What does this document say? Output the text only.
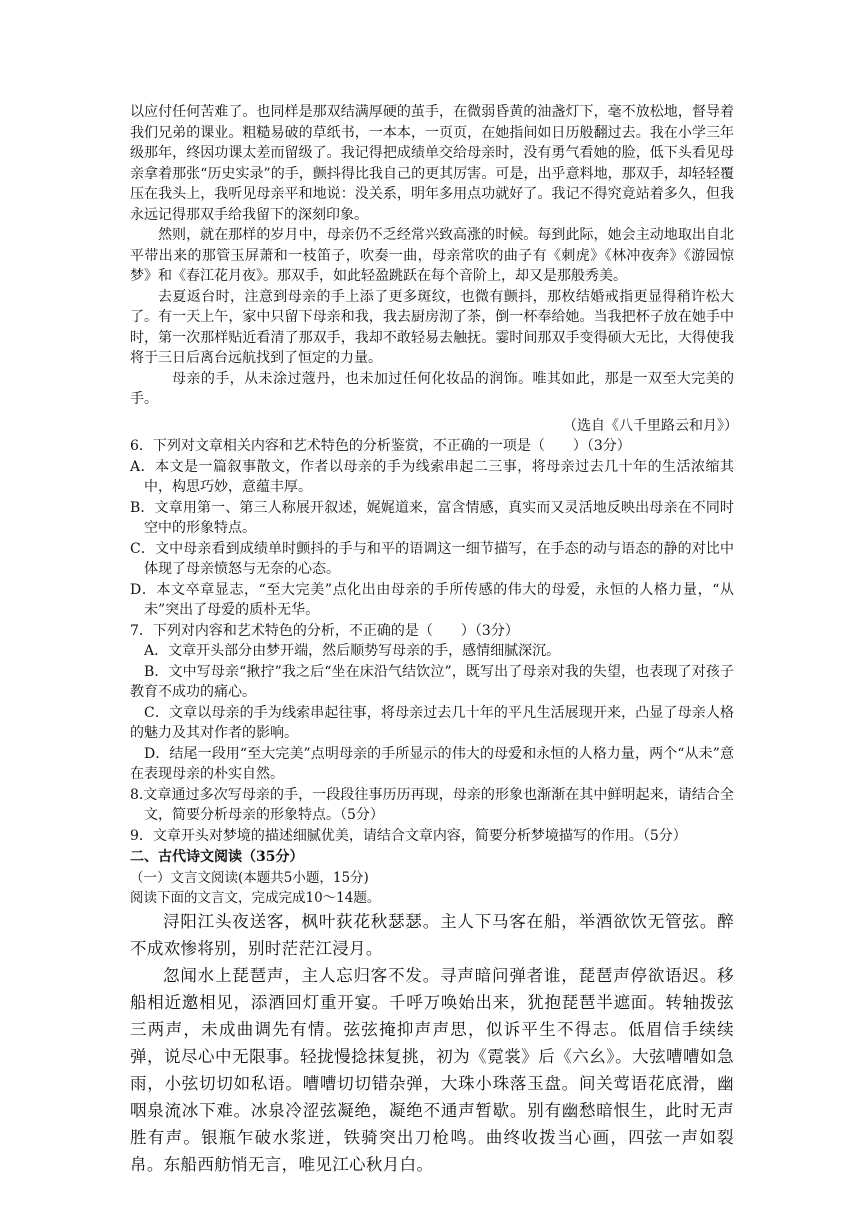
以应付任何苦难了。也同样是那双结满厚硬的茧手，在微弱昏黄的油盏灯下，毫不放松地，督导着我们兄弟的课业。粗糙易破的草纸书，一本本，一页页，在她指间如日历般翻过去。我在小学三年级那年，终因功课太差而留级了。我记得把成绩单交给母亲时，没有勇气看她的脸，低下头看见母亲拿着那张“历史实录”的手，颤抖得比我自己的更其厉害。可是，出乎意料地，那双手，却轻轻覆压在我头上，我听见母亲平和地说：没关系，明年多用点功就好了。我记不得究竟站着多久，但我永远记得那双手给我留下的深刻印象。

然则，就在那样的岁月中，母亲仍不乏经常兴致高涨的时候。每到此际，她会主动地取出自北平带出来的那管玉屏萧和一枝笛子，吹奏一曲，母亲常吹的曲子有《刺虎》《林冲夜奔》《游园惊梦》和《春江花月夜》。那双手，如此轻盈跳跃在每个音阶上，却又是那般秀美。

去夏返台时，注意到母亲的手上添了更多斑纹，也微有颤抖，那枚结婚戒指更显得稍许松大了。有一天上午，家中只留下母亲和我，我去厨房沏了茶，倒一杯奉给她。当我把杯子放在她手中时，第一次那样贴近看清了那双手，我却不敢轻易去触抚。霎时间那双手变得硕大无比，大得使我将于三日后离台远航找到了恒定的力量。

母亲的手，从未涂过蔻丹，也未加过任何化妆品的润饰。唯其如此，那是一双至大完美的手。

（选自《八千里路云和月》）

6．下列对文章相关内容和艺术特色的分析鉴赏，不正确的一项是（　　）（3分）

A．本文是一篇叙事散文，作者以母亲的手为线索串起二三事，将母亲过去几十年的生活浓缩其中，构思巧妙，意蕴丰厚。

B．文章用第一、第三人称展开叙述，娓娓道来，富含情感，真实而又灵活地反映出母亲在不同时空中的形象特点。

C．文中母亲看到成绩单时颤抖的手与和平的语调这一细节描写，在手态的动与语态的静的对比中体现了母亲愤怒与无奈的心态。

D．本文卒章显志，“至大完美”点化出由母亲的手所传感的伟大的母爱，永恒的人格力量，“从未”突出了母爱的质朴无华。

7．下列对内容和艺术特色的分析，不正确的是（　　）（3分）

A．文章开头部分由梦开端，然后顺势写母亲的手，感情细腻深沉。

B．文中写母亲“揪拧”我之后“坐在床沿气结饮泣”，既写出了母亲对我的失望，也表现了对孩子教育不成功的痛心。

C．文章以母亲的手为线索串起往事，将母亲过去几十年的平凡生活展现开来，凸显了母亲人格的魅力及其对作者的影响。

D．结尾一段用“至大完美”点明母亲的手所显示的伟大的母爱和永恒的人格力量，两个“从未”意在表现母亲的朴实自然。

8.文章通过多次写母亲的手，一段段往事历历再现，母亲的形象也渐渐在其中鲜明起来，请结合全文，简要分析母亲的形象特点。（5分）

9．文章开头对梦境的描述细腻优美，请结合文章内容，简要分析梦境描写的作用。（5分）

二、古代诗文阅读（35分）

（一）文言文阅读(本题共5小题，15分)

阅读下面的文言文，完成完成10～14题。

浔阳江头夜送客，枫叶荻花秋瑟瑟。主人下马客在船，举酒欲饮无管弦。醉不成欢惨将别，别时茫茫江浸月。

忽闻水上琵琶声，主人忘归客不发。寻声暗问弹者谁，琵琶声停欲语迟。移船相近邀相见，添酒回灯重开宴。千呼万唤始出来，犹抱琵琶半遮面。转轴拨弦三两声，未成曲调先有情。弦弦掩抑声声思，似诉平生不得志。低眉信手续续弹，说尽心中无限事。轻拢慢捻抹复挑，初为《霓裳》后《六幺》。大弦嘈嘈如急雨，小弦切切如私语。嘈嘈切切错杂弹，大珠小珠落玉盘。间关莺语花底滑，幽咽泉流冰下难。冰泉冷涩弦凝绝，凝绝不通声暂歇。别有幽愁暗恨生，此时无声胜有声。银瓶乍破水浆迸，铁骑突出刀枪鸣。曲终收拨当心画，四弦一声如裂帛。东船西舫悄无言，唯见江心秋月白。
